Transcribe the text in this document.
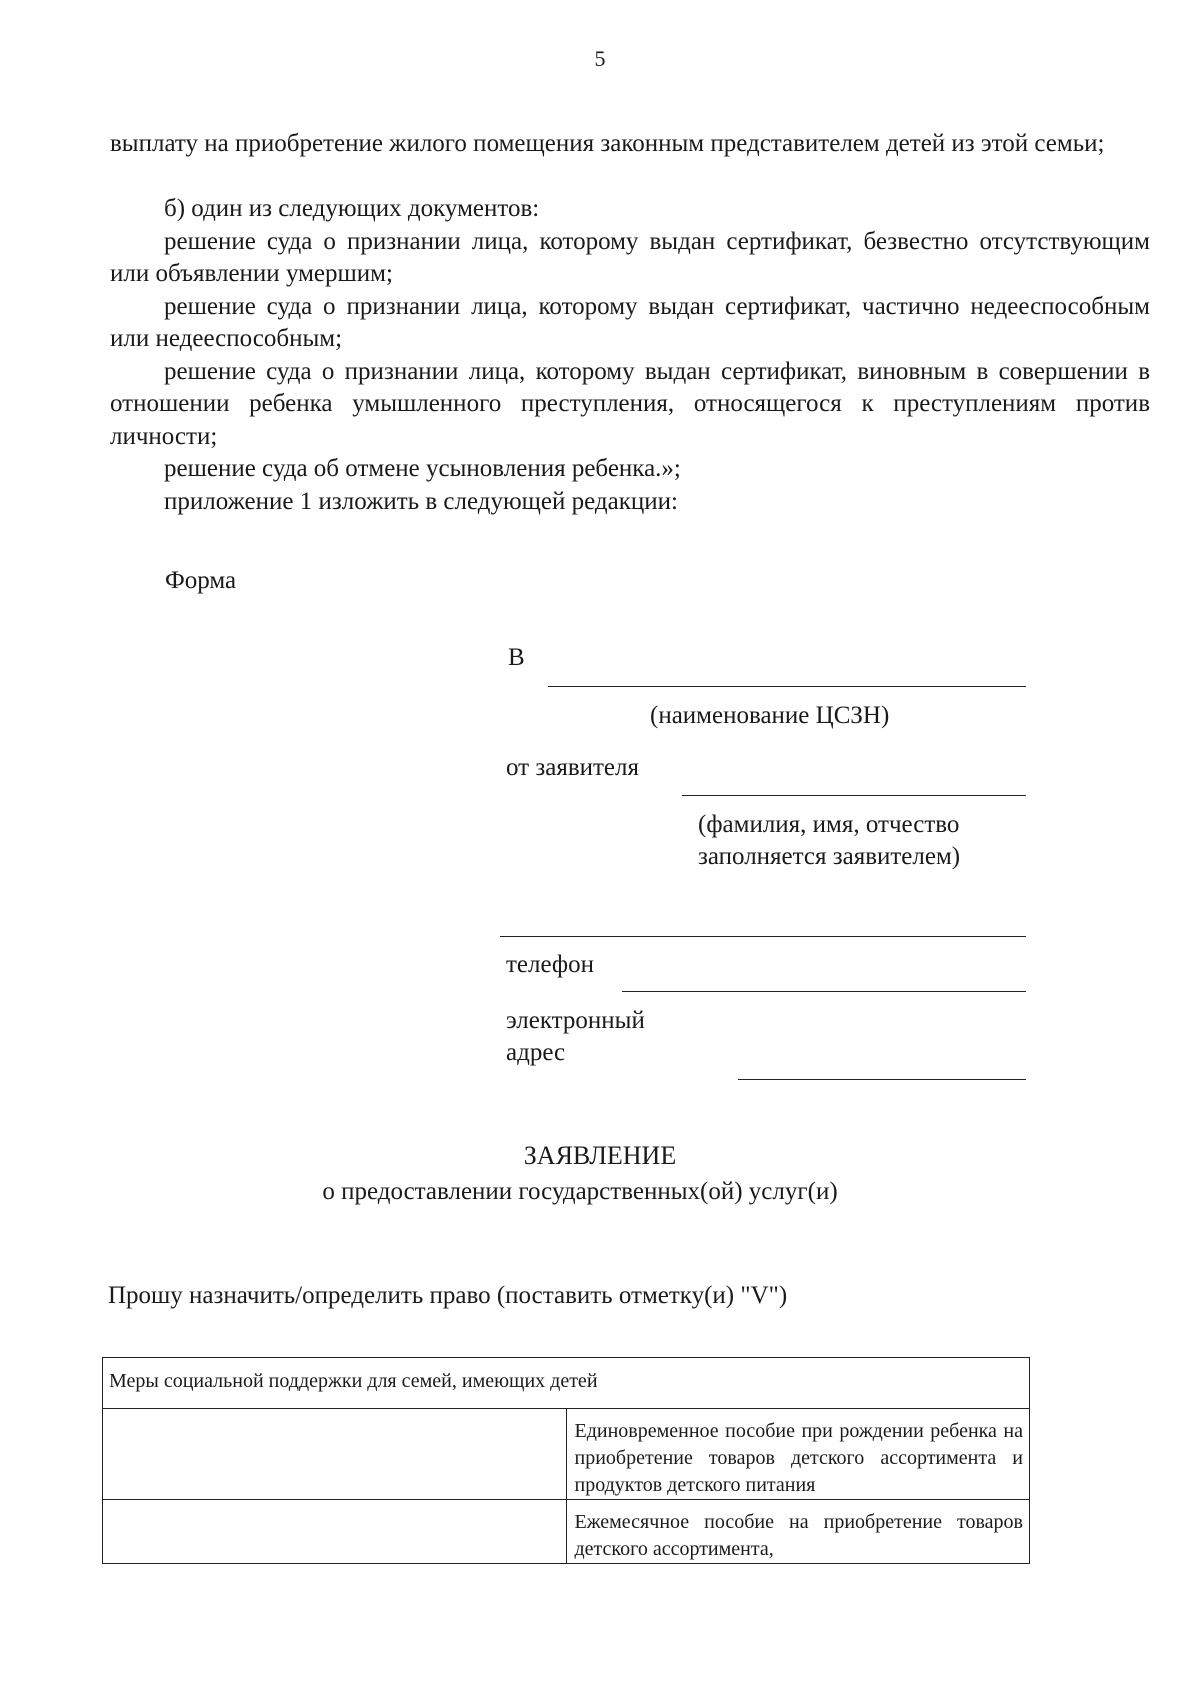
5

выплату на приобретение жилого помещения законным представителем детей из этой семьи;

б) один из следующих документов:

решение суда о признании лица, которому выдан сертификат, безвестно отсутствующим или объявлении умершим;

решение суда о признании лица, которому выдан сертификат, частично недееспособным или недееспособным;

решение суда о признании лица, которому выдан сертификат, виновным в совершении в отношении ребенка умышленного преступления, относящегося к преступлениям против личности;

решение суда об отмене усыновления ребенка.»;

приложение 1 изложить в следующей редакции:

Форма
В
(наименование ЦСЗН)
от заявителя
(фамилия, имя, отчество
заполняется заявителем)
телефон
электронный
адрес
ЗАЯВЛЕНИЕ
о предоставлении государственных(ой) услуг(и)
Прошу назначить/определить право (поставить отметку(и) "V")
Меры социальной поддержки для семей, имеющих детей	
	Единовременное пособие при рождении ребенка на приобретение товаров детского ассортимента и продуктов детского питания
	Ежемесячное пособие на приобретение товаров детского ассортимента,
